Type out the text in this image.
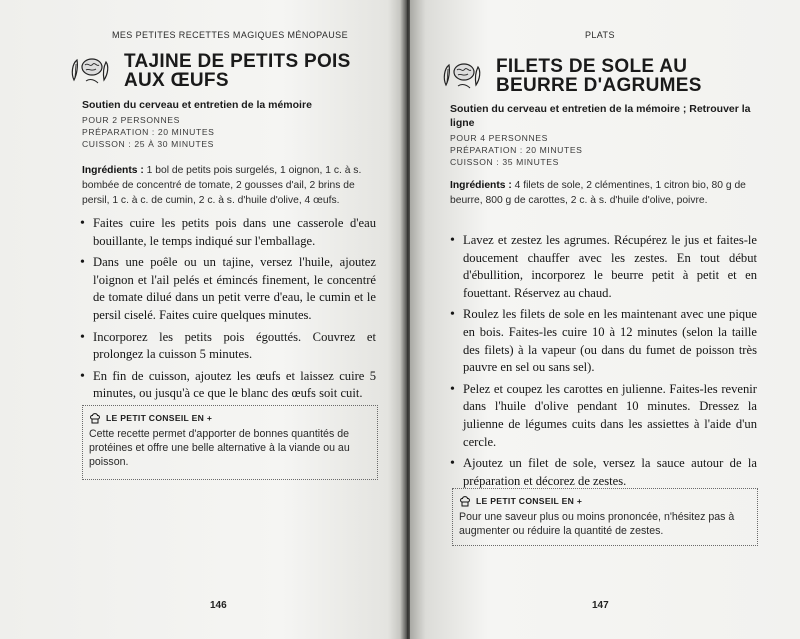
MES PETITES RECETTES MAGIQUES MÉNOPAUSE
TAJINE DE PETITS POIS AUX ŒUFS
Soutien du cerveau et entretien de la mémoire
POUR 2 PERSONNES
PRÉPARATION : 20 MINUTES
CUISSON : 25 À 30 MINUTES
Ingrédients : 1 bol de petits pois surgelés, 1 oignon, 1 c. à s. bombée de concentré de tomate, 2 gousses d'ail, 2 brins de persil, 1 c. à c. de cumin, 2 c. à s. d'huile d'olive, 4 œufs.
• Faites cuire les petits pois dans une casserole d'eau bouillante, le temps indiqué sur l'emballage.
• Dans une poêle ou un tajine, versez l'huile, ajoutez l'oignon et l'ail pelés et émincés finement, le concentré de tomate dilué dans un petit verre d'eau, le cumin et le persil ciselé. Faites cuire quelques minutes.
• Incorporez les petits pois égouttés. Couvrez et prolongez la cuisson 5 minutes.
• En fin de cuisson, ajoutez les œufs et laissez cuire 5 minutes, ou jusqu'à ce que le blanc des œufs soit cuit.
LE PETIT CONSEIL EN +
Cette recette permet d'apporter de bonnes quantités de protéines et offre une belle alternative à la viande ou au poisson.
146
PLATS
FILETS DE SOLE AU BEURRE D'AGRUMES
Soutien du cerveau et entretien de la mémoire ; Retrouver la ligne
POUR 4 PERSONNES
PRÉPARATION : 20 MINUTES
CUISSON : 35 MINUTES
Ingrédients : 4 filets de sole, 2 clémentines, 1 citron bio, 80 g de beurre, 800 g de carottes, 2 c. à s. d'huile d'olive, poivre.
• Lavez et zestez les agrumes. Récupérez le jus et faites-le doucement chauffer avec les zestes. En tout début d'ébullition, incorporez le beurre petit à petit et en fouettant. Réservez au chaud.
• Roulez les filets de sole en les maintenant avec une pique en bois. Faites-les cuire 10 à 12 minutes (selon la taille des filets) à la vapeur (ou dans du fumet de poisson très pauvre en sel ou sans sel).
• Pelez et coupez les carottes en julienne. Faites-les revenir dans l'huile d'olive pendant 10 minutes. Dressez la julienne de légumes cuits dans les assiettes à l'aide d'un cercle.
• Ajoutez un filet de sole, versez la sauce autour de la préparation et décorez de zestes.
LE PETIT CONSEIL EN +
Pour une saveur plus ou moins prononcée, n'hésitez pas à augmenter ou réduire la quantité de zestes.
147
